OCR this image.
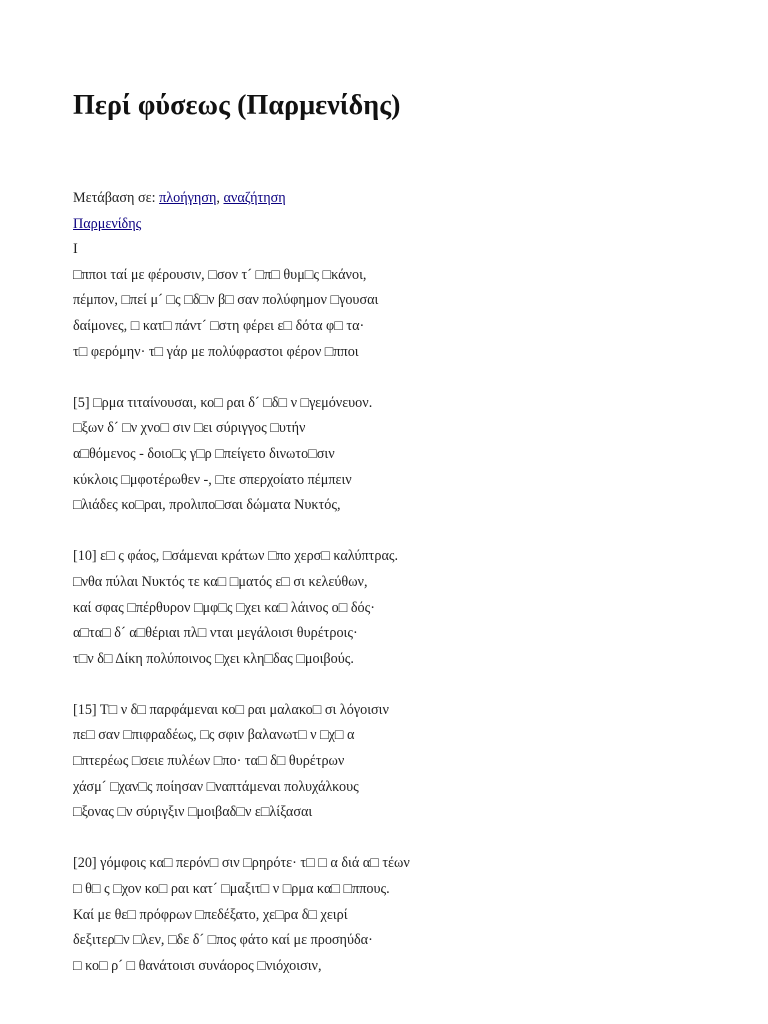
Περί φύσεως (Παρμενίδης)
Μετάβαση σε: πλοήγηση, αναζήτηση
Παρμενίδης
I
□ππoι ταί με φέρουσιν, □σον τ´ □π□ θυμ□ς □κάνοι,
πέμπον, □πεί μ´ □ς □δ□ν β□ σαν πολύφημον □γουσαι
δαίμονες, □ κατ□ πάντ´ □στη φέρει ε□ δότα φ□ τα·
τ□ φερόμην· τ□ γάρ με πολύφραστοι φέρον □πποι
[5] □ρμα τιταίνουσαι, κο□ ραι δ´ □δ□ ν □γεμόνευον.
□ξων δ´ □ν χνο□ σιν □ει σύριγγος □υτήν
α□θόμενος - δοιο□ς γ□ρ □πείγετο δινωτο□σιν
κύκλοις □μφοτέρωθεν -, □τε σπερχοίατο πέμπειν
□λιάδες κο□ραι, προλιπο□σαι δώματα Νυκτός,
[10] ε□ ς φάος, □σάμεναι κράτων □πο χερσ□ καλύπτρας.
□νθα πύλαι Νυκτός τε κα□ □ματός ε□ σι κελεύθων,
καί σφας □πέρθυρον □μφ□ς □χει κα□ λάινος ο□ δός·
α□τα□ δ´ α□θέριαι πλ□ νται μεγάλοισι θυρέτροις·
τ□ν δ□ Δίκη πολύποινος □χει κλη□δας □μοιβούς.
[15] Τ□ ν δ□ παρφάμεναι κο□ ραι μαλακο□ σι λόγοισιν
πε□ σαν □πιφραδέως, □ς σφιν βαλανωτ□ ν □χ□ α
□πτερέως □σειε πυλέων □πο· τα□ δ□ θυρέτρων
χάσμ´ □χαν□ς ποίησαν □ναπτάμεναι πολυχάλκους
□ξονας □ν σύριγξιν □μοιβαδ□ν ε□λίξασαι
[20] γόμφοις κα□ περόν□ σιν □ρηρότε· τ□ □ α διά α□ τέων
□ θ□ ς □χον κο□ ραι κατ´ □μαξιτ□ ν □ρμα κα□ □ππους.
Καί με θε□ πρόφρων □πεδέξατο, χε□ρα δ□ χειρί
δεξιτερ□ν □λεν, □δε δ´ □πος φάτο καί με προσηύδα·
□ κο□ ρ´ □ θανάτοισι συνάορος □νιόχοισιν,
